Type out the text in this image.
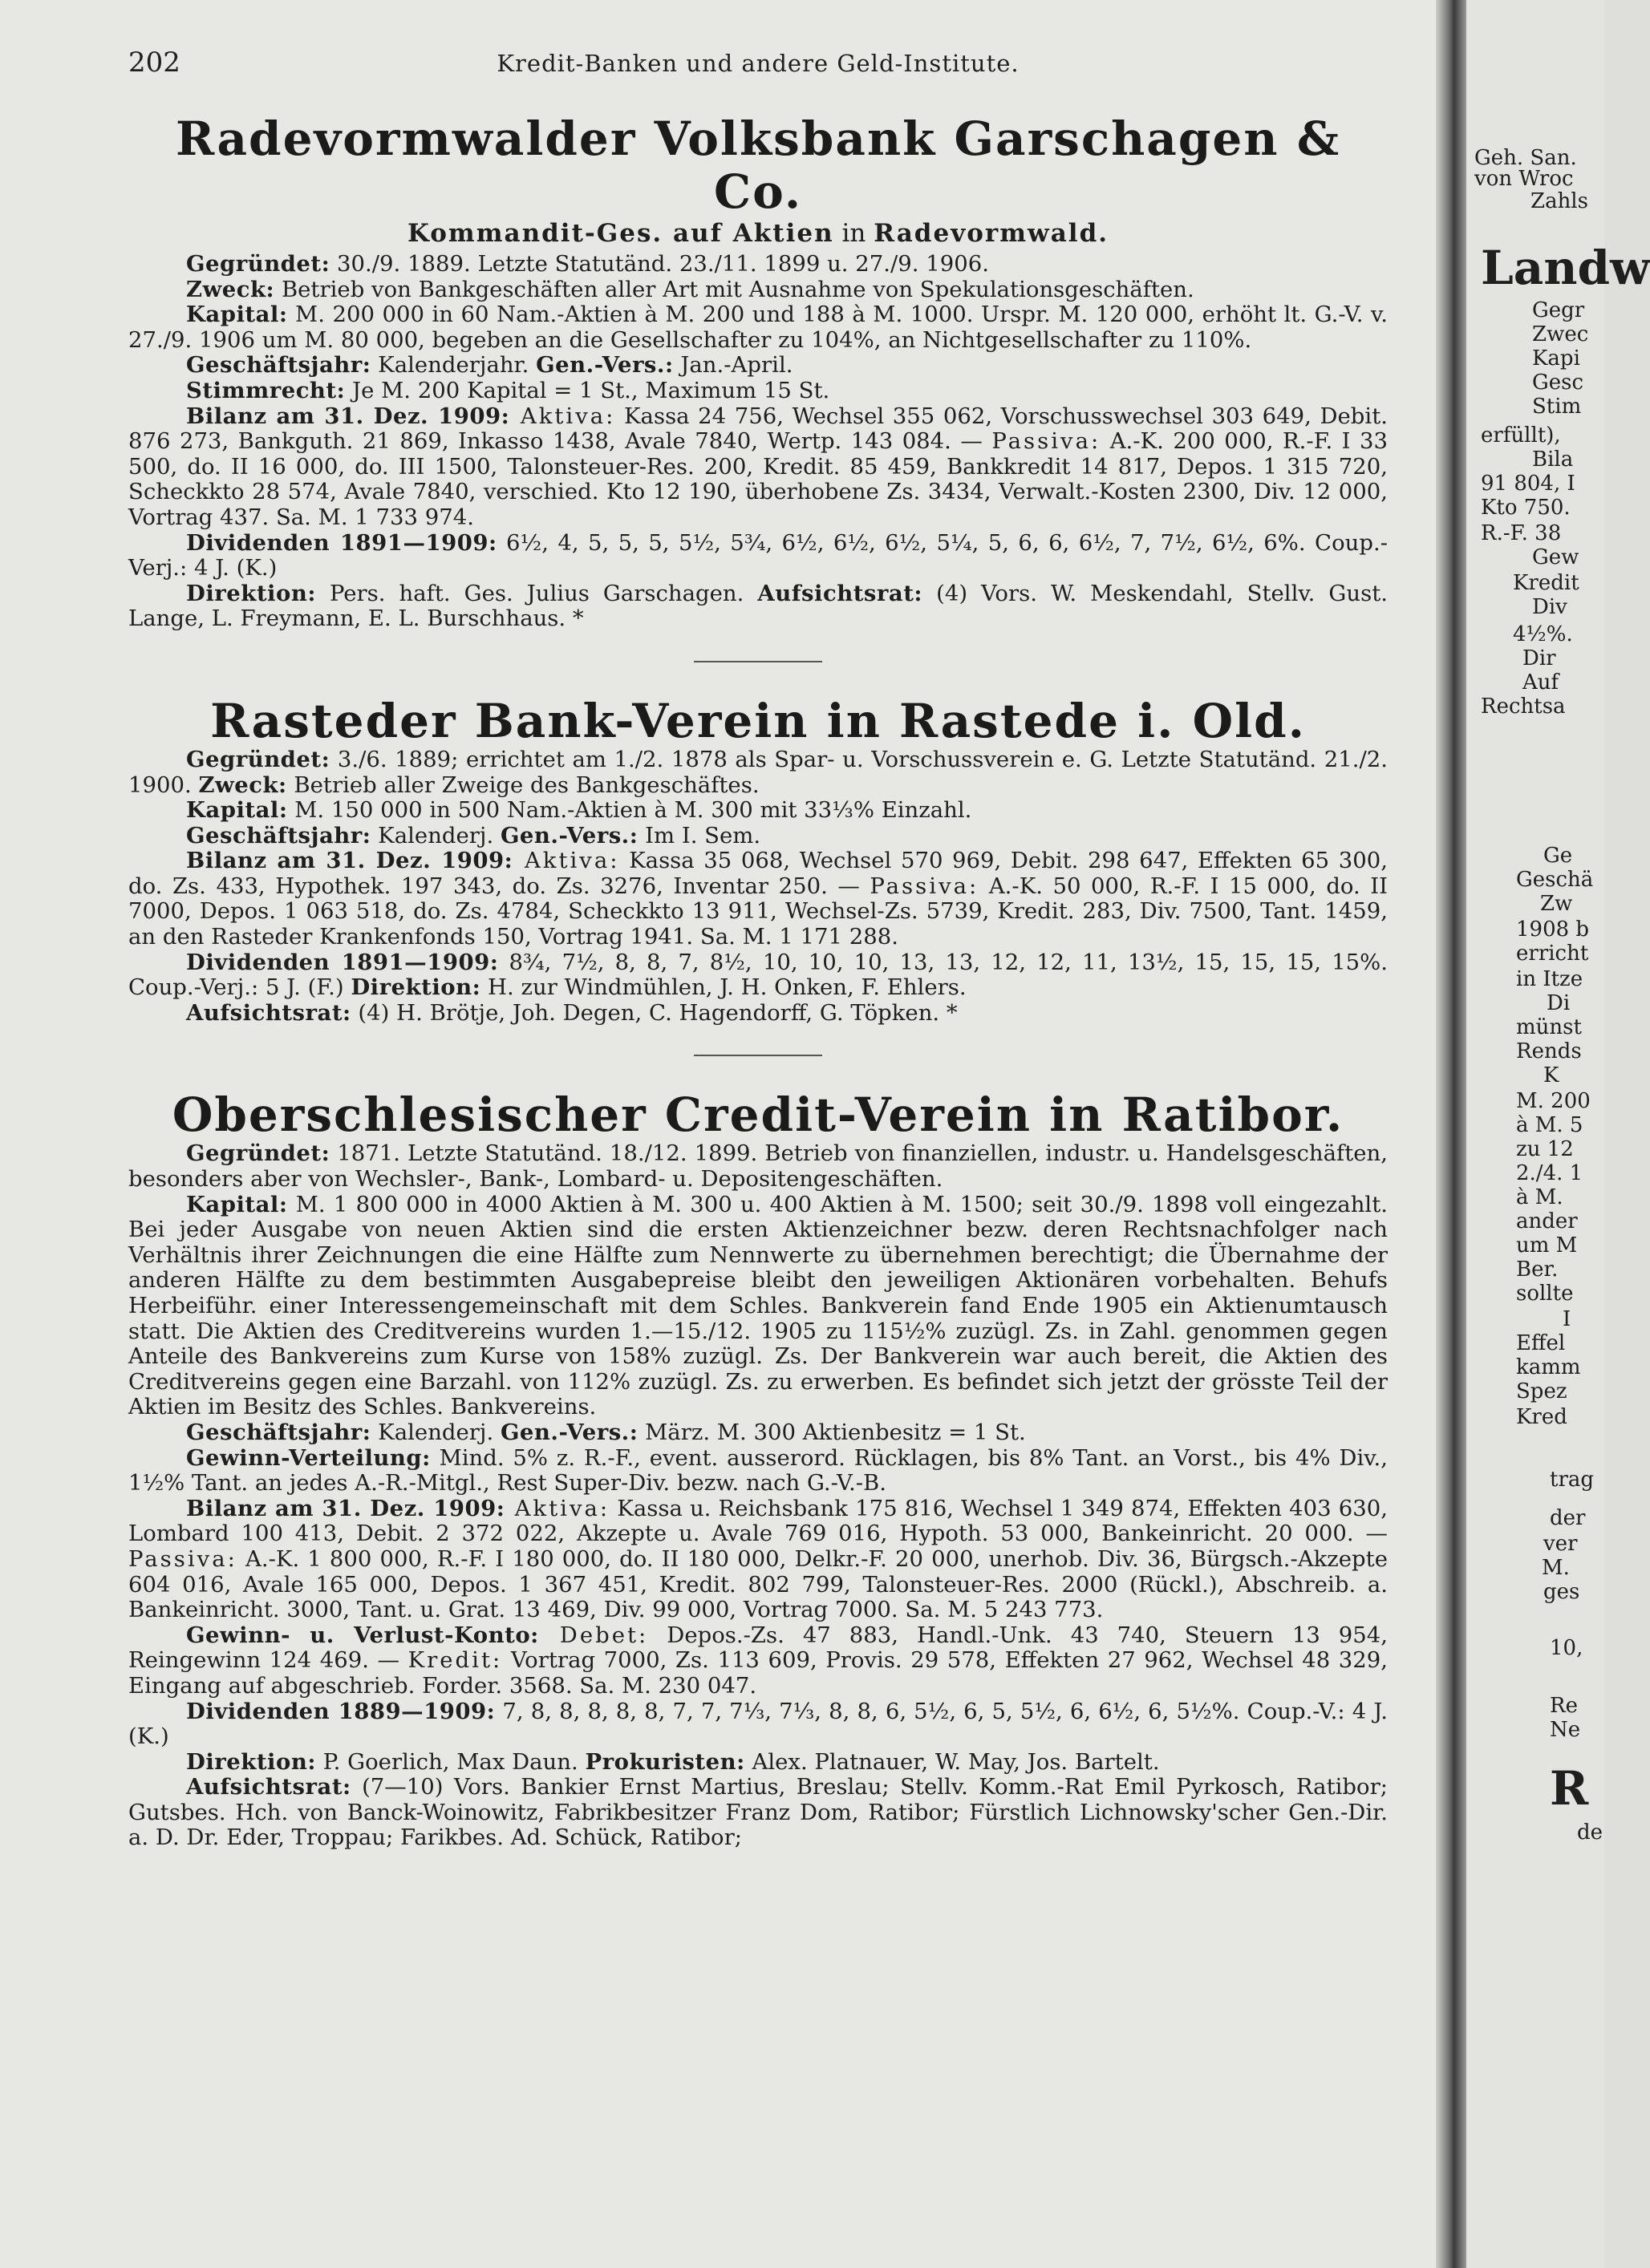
202	Kredit-Banken und andere Geld-Institute.
Radevormwalder Volksbank Garschagen & Co.

Kommandit-Ges. auf Aktien in Radevormwald.

Gegründet: 30./9. 1889. Letzte Statutänd. 23./11. 1899 u. 27./9. 1906.

Zweck: Betrieb von Bankgeschäften aller Art mit Ausnahme von Spekulationsgeschäften.

Kapital: M. 200 000 in 60 Nam.-Aktien à M. 200 und 188 à M. 1000. Urspr. M. 120 000, erhöht lt. G.-V. v. 27./9. 1906 um M. 80 000, begeben an die Gesellschafter zu 104%, an Nichtgesellschafter zu 110%.

Geschäftsjahr: Kalenderjahr. Gen.-Vers.: Jan.-April.

Stimmrecht: Je M. 200 Kapital = 1 St., Maximum 15 St.

Bilanz am 31. Dez. 1909: Aktiva: Kassa 24 756, Wechsel 355 062, Vorschusswechsel 303 649, Debit. 876 273, Bankguth. 21 869, Inkasso 1438, Avale 7840, Wertp. 143 084. — Passiva: A.-K. 200 000, R.-F. I 33 500, do. II 16 000, do. III 1500, Talonsteuer-Res. 200, Kredit. 85 459, Bankkredit 14 817, Depos. 1 315 720, Scheckkto 28 574, Avale 7840, verschied. Kto 12 190, überhobene Zs. 3434, Verwalt.-Kosten 2300, Div. 12 000, Vortrag 437. Sa. M. 1 733 974.

Dividenden 1891—1909: 6½, 4, 5, 5, 5, 5½, 5¾, 6½, 6½, 6½, 5¼, 5, 6, 6, 6½, 7, 7½, 6½, 6%. Coup.-Verj.: 4 J. (K.)

Direktion: Pers. haft. Ges. Julius Garschagen. Aufsichtsrat: (4) Vors. W. Meskendahl, Stellv. Gust. Lange, L. Freymann, E. L. Burschhaus. *

Rasteder Bank-Verein in Rastede i. Old.

Gegründet: 3./6. 1889; errichtet am 1./2. 1878 als Spar- u. Vorschussverein e. G. Letzte Statutänd. 21./2. 1900. Zweck: Betrieb aller Zweige des Bankgeschäftes.

Kapital: M. 150 000 in 500 Nam.-Aktien à M. 300 mit 33⅓% Einzahl.

Geschäftsjahr: Kalenderj. Gen.-Vers.: Im I. Sem.

Bilanz am 31. Dez. 1909: Aktiva: Kassa 35 068, Wechsel 570 969, Debit. 298 647, Effekten 65 300, do. Zs. 433, Hypothek. 197 343, do. Zs. 3276, Inventar 250. — Passiva: A.-K. 50 000, R.-F. I 15 000, do. II 7000, Depos. 1 063 518, do. Zs. 4784, Scheckkto 13 911, Wechsel-Zs. 5739, Kredit. 283, Div. 7500, Tant. 1459, an den Rasteder Krankenfonds 150, Vortrag 1941. Sa. M. 1 171 288.

Dividenden 1891—1909: 8¾, 7½, 8, 8, 7, 8½, 10, 10, 10, 13, 13, 12, 12, 11, 13½, 15, 15, 15, 15%. Coup.-Verj.: 5 J. (F.) Direktion: H. zur Windmühlen, J. H. Onken, F. Ehlers.

Aufsichtsrat: (4) H. Brötje, Joh. Degen, C. Hagendorff, G. Töpken. *

Oberschlesischer Credit-Verein in Ratibor.

Gegründet: 1871. Letzte Statutänd. 18./12. 1899. Betrieb von finanziellen, industr. u. Handelsgeschäften, besonders aber von Wechsler-, Bank-, Lombard- u. Depositengeschäften.

Kapital: M. 1 800 000 in 4000 Aktien à M. 300 u. 400 Aktien à M. 1500; seit 30./9. 1898 voll eingezahlt. Bei jeder Ausgabe von neuen Aktien sind die ersten Aktienzeichner bezw. deren Rechtsnachfolger nach Verhältnis ihrer Zeichnungen die eine Hälfte zum Nennwerte zu übernehmen berechtigt; die Übernahme der anderen Hälfte zu dem bestimmten Ausgabepreise bleibt den jeweiligen Aktionären vorbehalten. Behufs Herbeiführ. einer Interessengemeinschaft mit dem Schles. Bankverein fand Ende 1905 ein Aktienumtausch statt. Die Aktien des Creditvereins wurden 1.—15./12. 1905 zu 115½% zuzügl. Zs. in Zahl. genommen gegen Anteile des Bankvereins zum Kurse von 158% zuzügl. Zs. Der Bankverein war auch bereit, die Aktien des Creditvereins gegen eine Barzahl. von 112% zuzügl. Zs. zu erwerben. Es befindet sich jetzt der grösste Teil der Aktien im Besitz des Schles. Bankvereins.

Geschäftsjahr: Kalenderj. Gen.-Vers.: März. M. 300 Aktienbesitz = 1 St.

Gewinn-Verteilung: Mind. 5% z. R.-F., event. ausserord. Rücklagen, bis 8% Tant. an Vorst., bis 4% Div., 1½% Tant. an jedes A.-R.-Mitgl., Rest Super-Div. bezw. nach G.-V.-B.

Bilanz am 31. Dez. 1909: Aktiva: Kassa u. Reichsbank 175 816, Wechsel 1 349 874, Effekten 403 630, Lombard 100 413, Debit. 2 372 022, Akzepte u. Avale 769 016, Hypoth. 53 000, Bankeinricht. 20 000. — Passiva: A.-K. 1 800 000, R.-F. I 180 000, do. II 180 000, Delkr.-F. 20 000, unerhob. Div. 36, Bürgsch.-Akzepte 604 016, Avale 165 000, Depos. 1 367 451, Kredit. 802 799, Talonsteuer-Res. 2000 (Rückl.), Abschreib. a. Bankeinricht. 3000, Tant. u. Grat. 13 469, Div. 99 000, Vortrag 7000. Sa. M. 5 243 773.

Gewinn- u. Verlust-Konto: Debet: Depos.-Zs. 47 883, Handl.-Unk. 43 740, Steuern 13 954, Reingewinn 124 469. — Kredit: Vortrag 7000, Zs. 113 609, Provis. 29 578, Effekten 27 962, Wechsel 48 329, Eingang auf abgeschrieb. Forder. 3568. Sa. M. 230 047.

Dividenden 1889—1909: 7, 8, 8, 8, 8, 8, 7, 7, 7⅓, 7⅓, 8, 8, 6, 5½, 6, 5, 5½, 6, 6½, 6, 5½%. Coup.-V.: 4 J. (K.)

Direktion: P. Goerlich, Max Daun. Prokuristen: Alex. Platnauer, W. May, Jos. Bartelt.

Aufsichtsrat: (7—10) Vors. Bankier Ernst Martius, Breslau; Stellv. Komm.-Rat Emil Pyrkosch, Ratibor; Gutsbes. Hch. von Banck-Woinowitz, Fabrikbesitzer Franz Dom, Ratibor; Fürstlich Lichnowsky'scher Gen.-Dir. a. D. Dr. Eder, Troppau; Farikbes. Ad. Schück, Ratibor;

Geh. San.
von Wroc
Zahls
Landw
Gegr
Zwec
Kapi
Gesc
Stim
erfüllt),
Bila
91 804, I
Kto 750.
R.-F. 38
Gew
Kredit
Div
4½%.
Dir
Auf
Rechtsa
Ge
Geschä
Zw
1908 b
erricht
in Itze
Di
münst
Rends
K
M. 200
à M. 5
zu 12
2./4. 1
à M.
ander
um M
Ber.
sollte
I
Effel
kamm
Spez
Kred
trag
der
ver
M.
ges
10,
Re
Ne
R
de
